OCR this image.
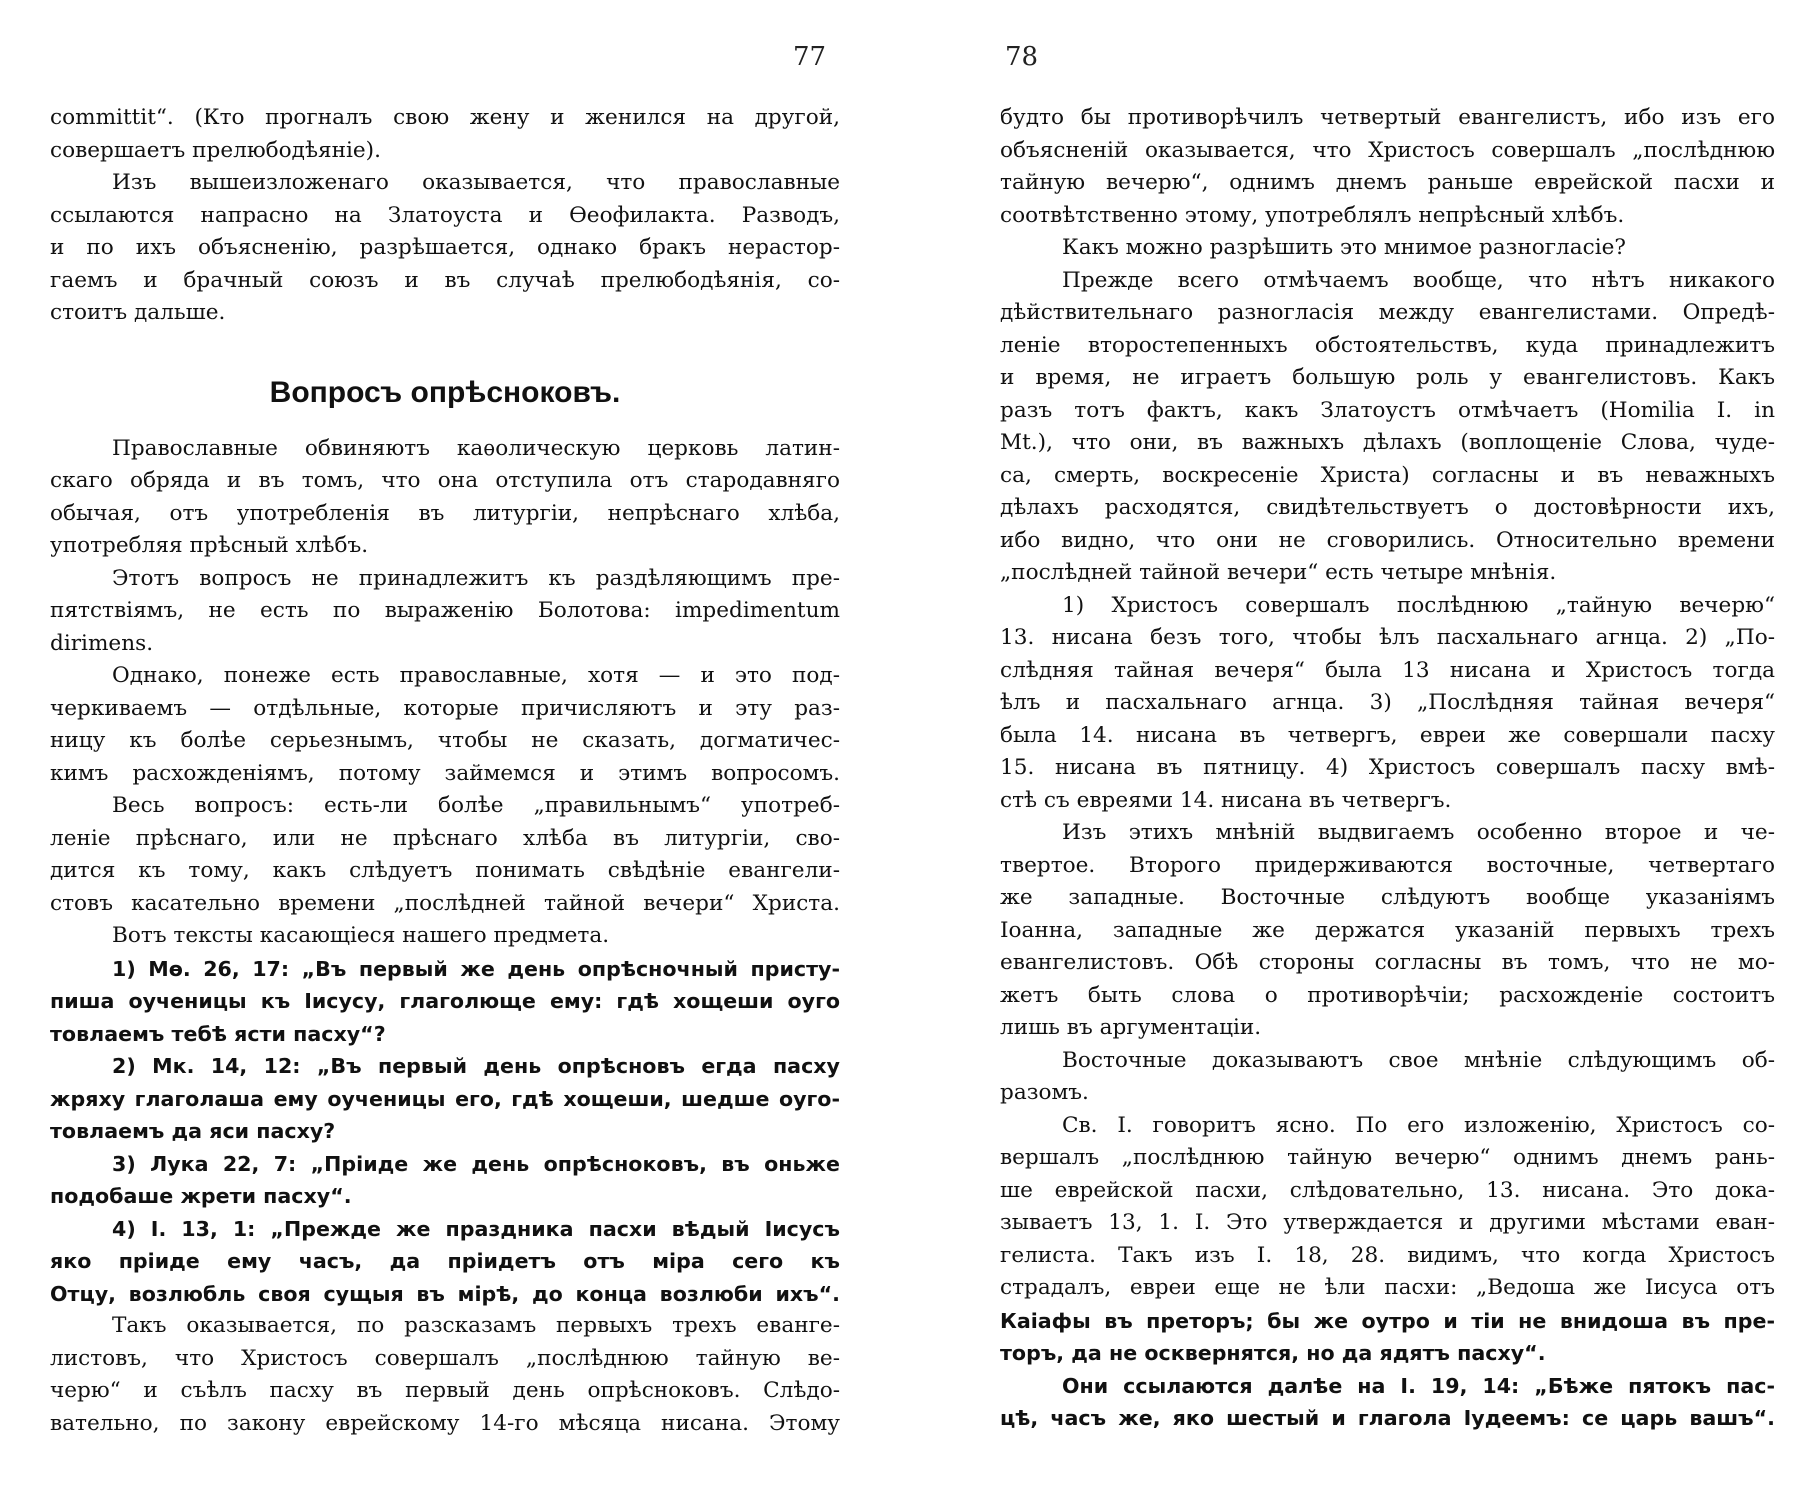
77
committit“. (Кто прогналъ свою жену и женился на другой,
совершаетъ прелюбодѣяніе).
Изъ вышеизложенаго оказывается, что православные
ссылаются напрасно на Златоуста и Ѳеофилакта. Разводъ,
и по ихъ объясненію, разрѣшается, однако бракъ нерастор-
гаемъ и брачный союзъ и въ случаѣ прелюбодѣянія, со-
стоитъ дальше.
Вопросъ опрѣсноковъ.
Православные обвиняютъ каѳолическую церковь латин-
скаго обряда и въ томъ, что она отступила отъ стародавняго
обычая, отъ употребленія въ литургіи, непрѣснаго хлѣба,
употребляя прѣсный хлѣбъ.
Этотъ вопросъ не принадлежитъ къ раздѣляющимъ пре-
пятствіямъ, не есть по выраженію Болотова: impedimentum
dirimens.
Однако, понеже есть православные, хотя — и это под-
черкиваемъ — отдѣльные, которые причисляютъ и эту раз-
ницу къ болѣе серьезнымъ, чтобы не сказать, догматичес-
кимъ расхожденіямъ, потому займемся и этимъ вопросомъ.
Весь вопросъ: есть-ли болѣе „правильнымъ“ употреб-
леніе прѣснаго, или не прѣснаго хлѣба въ литургіи, сво-
дится къ тому, какъ слѣдуетъ понимать свѣдѣніе евангели-
стовъ касательно времени „послѣдней тайной вечери“ Христа.
Вотъ тексты касающіеся нашего предмета.
1) Мѳ. 26, 17: „Въ первый же день опрѣсночный присту-
пиша оученицы къ Іисусу, глаголюще ему: гдѣ хощеши оуго
товлаемъ тебѣ ясти пасху“?
2) Мк. 14, 12: „Въ первый день опрѣсновъ егда пасху
жряху глаголаша ему оученицы его, гдѣ хощеши, шедше оуго-
товлаемъ да яси пасху?
3) Лука 22, 7: „Пріиде же день опрѣсноковъ, въ оньже
подобаше жрети пасху“.
4) І. 13, 1: „Прежде же праздника пасхи вѣдый Іисусъ
яко пріиде ему часъ, да пріидетъ отъ міра сего къ
Отцу, возлюбль своя сущыя въ мірѣ, до конца возлюби ихъ“.
Такъ оказывается, по разсказамъ первыхъ трехъ еванге-
листовъ, что Христосъ совершалъ „послѣднюю тайную ве-
черю“ и съѣлъ пасху въ первый день опрѣсноковъ. Слѣдо-
вательно, по закону еврейскому 14-го мѣсяца нисана. Этому
78
будто бы противорѣчилъ четвертый евангелистъ, ибо изъ его
объясненій оказывается, что Христосъ совершалъ „послѣднюю
тайную вечерю“, однимъ днемъ раньше еврейской пасхи и
соотвѣтственно этому, употреблялъ непрѣсный хлѣбъ.
Какъ можно разрѣшить это мнимое разногласіе?
Прежде всего отмѣчаемъ вообще, что нѣтъ никакого
дѣйствительнаго разногласія между евангелистами. Опредѣ-
леніе второстепенныхъ обстоятельствъ, куда принадлежитъ
и время, не играетъ большую роль у евангелистовъ. Какъ
разъ тотъ фактъ, какъ Златоустъ отмѣчаетъ (Homilia I. in
Mt.), что они, въ важныхъ дѣлахъ (воплощеніе Слова, чуде-
са, смерть, воскресеніе Христа) согласны и въ неважныхъ
дѣлахъ расходятся, свидѣтельствуетъ о достовѣрности ихъ,
ибо видно, что они не сговорились. Относительно времени
„послѣдней тайной вечери“ есть четыре мнѣнія.
1) Христосъ совершалъ послѣднюю „тайную вечерю“
13. нисана безъ того, чтобы ѣлъ пасхальнаго агнца. 2) „По-
слѣдняя тайная вечеря“ была 13 нисана и Христосъ тогда
ѣлъ и пасхальнаго агнца. 3) „Послѣдняя тайная вечеря“
была 14. нисана въ четвергъ, евреи же совершали пасху
15. нисана въ пятницу. 4) Христосъ совершалъ пасху вмѣ-
стѣ съ евреями 14. нисана въ четвергъ.
Изъ этихъ мнѣній выдвигаемъ особенно второе и че-
твертое. Второго придерживаются восточные, четвертаго
же западные. Восточные слѣдуютъ вообще указаніямъ
Іоанна, западные же держатся указаній первыхъ трехъ
евангелистовъ. Обѣ стороны согласны въ томъ, что не мо-
жетъ быть слова о противорѣчіи; расхожденіе состоитъ
лишь въ аргументаціи.
Восточные доказываютъ свое мнѣніе слѣдующимъ об-
разомъ.
Св. І. говоритъ ясно. По его изложенію, Христосъ со-
вершалъ „послѣднюю тайную вечерю“ однимъ днемъ рань-
ше еврейской пасхи, слѣдовательно, 13. нисана. Это дока-
зываетъ 13, 1. І. Это утверждается и другими мѣстами еван-
гелиста. Такъ изъ І. 18, 28. видимъ, что когда Христосъ
страдалъ, евреи еще не ѣли пасхи: „Ведоша же Іисуса отъ
Каіафы въ преторъ; бы же оутро и тіи не внидоша въ пре-
торъ, да не осквернятся, но да ядятъ пасху“.
Они ссылаются далѣе на І. 19, 14: „Бѣже пятокъ пас-
цѣ, часъ же, яко шестый и глагола Іудеемъ: се царь вашъ“.
